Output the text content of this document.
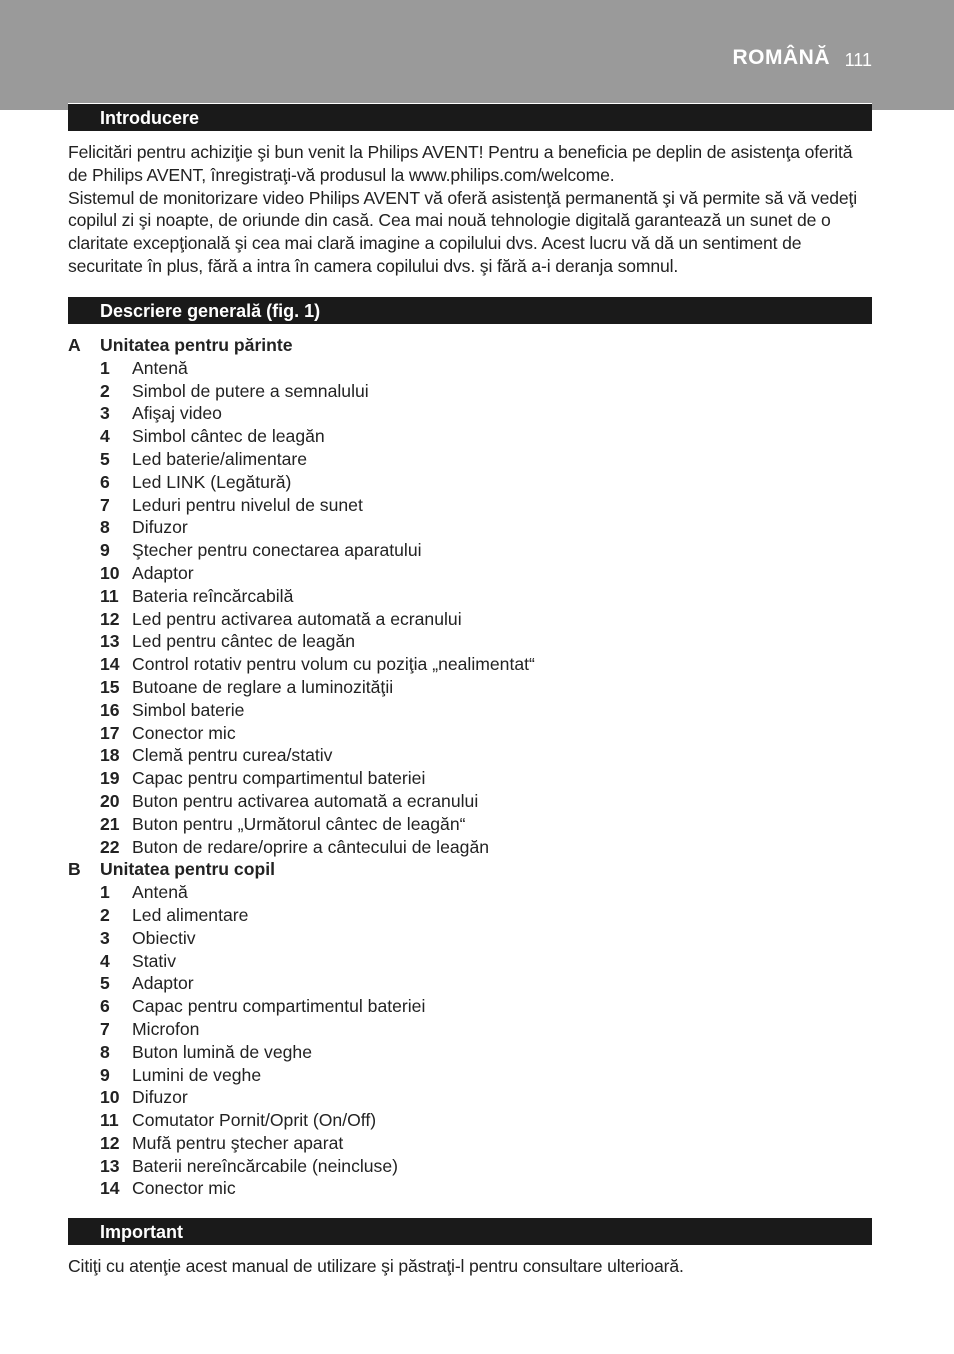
ROMÂNĂ 111
Introducere

Felicitări pentru achiziţie şi bun venit la Philips AVENT! Pentru a beneficia pe deplin de asistenţa oferită de Philips AVENT, înregistraţi-vă produsul la www.philips.com/welcome.

Sistemul de monitorizare video Philips AVENT vă oferă asistenţă permanentă şi vă permite să vă vedeţi copilul zi şi noapte, de oriunde din casă. Cea mai nouă tehnologie digitală garantează un sunet de o claritate excepţională şi cea mai clară imagine a copilului dvs. Acest lucru vă dă un sentiment de securitate în plus, fără a intra în camera copilului dvs. şi fără a-i deranja somnul.

Descriere generală (fig. 1)
A Unitatea pentru părinte
1 Antenă
2 Simbol de putere a semnalului
3 Afişaj video
4 Simbol cântec de leagăn
5 Led baterie/alimentare
6 Led LINK (Legătură)
7 Leduri pentru nivelul de sunet
8 Difuzor
9 Ştecher pentru conectarea aparatului
10 Adaptor
11 Bateria reîncărcabilă
12 Led pentru activarea automată a ecranului
13 Led pentru cântec de leagăn
14 Control rotativ pentru volum cu poziţia „nealimentat“
15 Butoane de reglare a luminozităţii
16 Simbol baterie
17 Conector mic
18 Clemă pentru curea/stativ
19 Capac pentru compartimentul bateriei
20 Buton pentru activarea automată a ecranului
21 Buton pentru „Următorul cântec de leagăn“
22 Buton de redare/oprire a cântecului de leagăn
B Unitatea pentru copil
1 Antenă
2 Led alimentare
3 Obiectiv
4 Stativ
5 Adaptor
6 Capac pentru compartimentul bateriei
7 Microfon
8 Buton lumină de veghe
9 Lumini de veghe
10 Difuzor
11 Comutator Pornit/Oprit (On/Off)
12 Mufă pentru ştecher aparat
13 Baterii nereîncărcabile (neincluse)
14 Conector mic
Important

Citiţi cu atenţie acest manual de utilizare şi păstraţi-l pentru consultare ulterioară.
